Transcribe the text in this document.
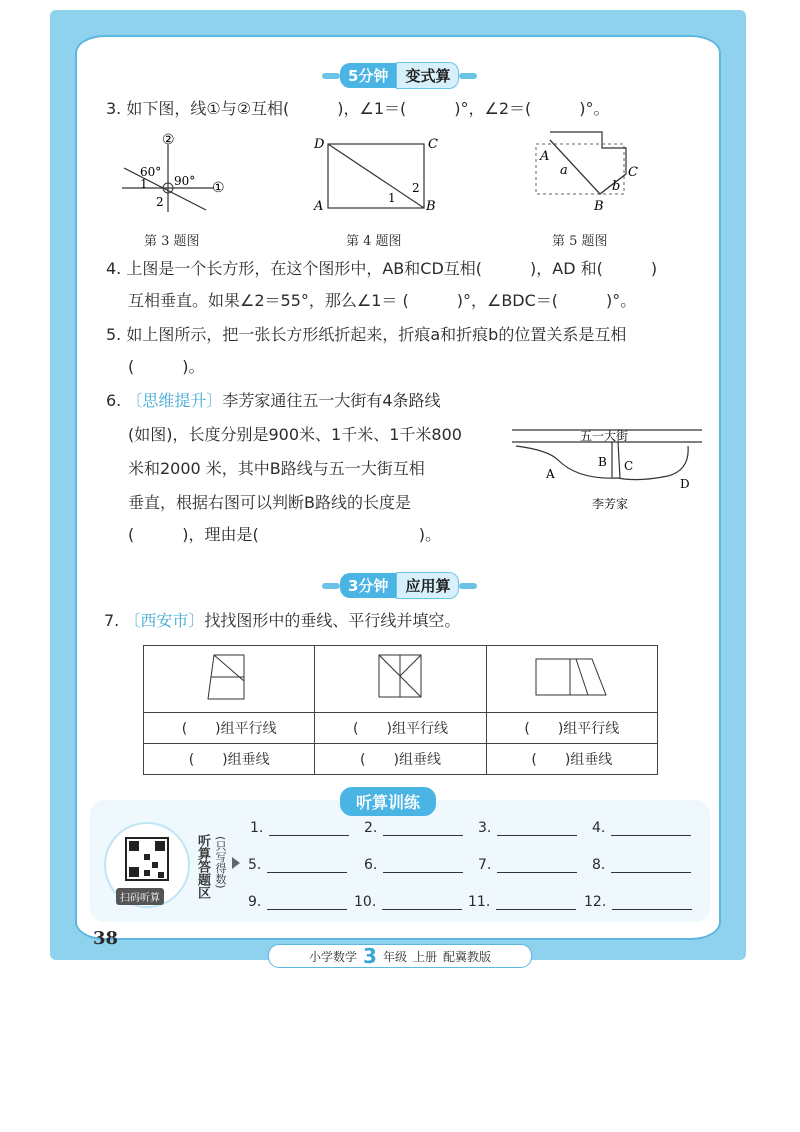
5分钟	变式算
3. 如下图，线①与②互相(　　　)，∠1＝(　　　)°，∠2＝(　　　)°。
②
①
60°
90°
1
2
D	C
A	B
1
2
A
B
C
a
b
第 3 题图	第 4 题图	第 5 题图
4. 上图是一个长方形，在这个图形中，AB和CD互相(　　　)，AD 和(　　　)
互相垂直。如果∠2＝55°，那么∠1＝ (　　　)°，∠BDC＝(　　　)°。
5. 如上图所示，把一张长方形纸折起来，折痕a和折痕b的位置关系是互相
(　　　)。
6. 〔思维提升〕李芳家通往五一大街有4条路线
(如图)，长度分别是900米、1千米、1千米800
米和2000 米，其中B路线与五一大街互相
垂直，根据右图可以判断B路线的长度是
(　　　)，理由是(　　　　　　　　　　)。
五一大街
A
B C
D
李芳家
3分钟	应用算
7. 〔西安市〕找找图形中的垂线、平行线并填空。

(　　)组平行线	(　　)组平行线	(　　)组平行线
(　　)组垂线	(　　)组垂线	(　　)组垂线
听算训练
扫码听算	听算答题区 (只写得数)
1.	2.	3.	4.
5.	6.	7.	8.
9.	10.	11.	12.
38
小学数学 3 年级 上册 配冀教版
